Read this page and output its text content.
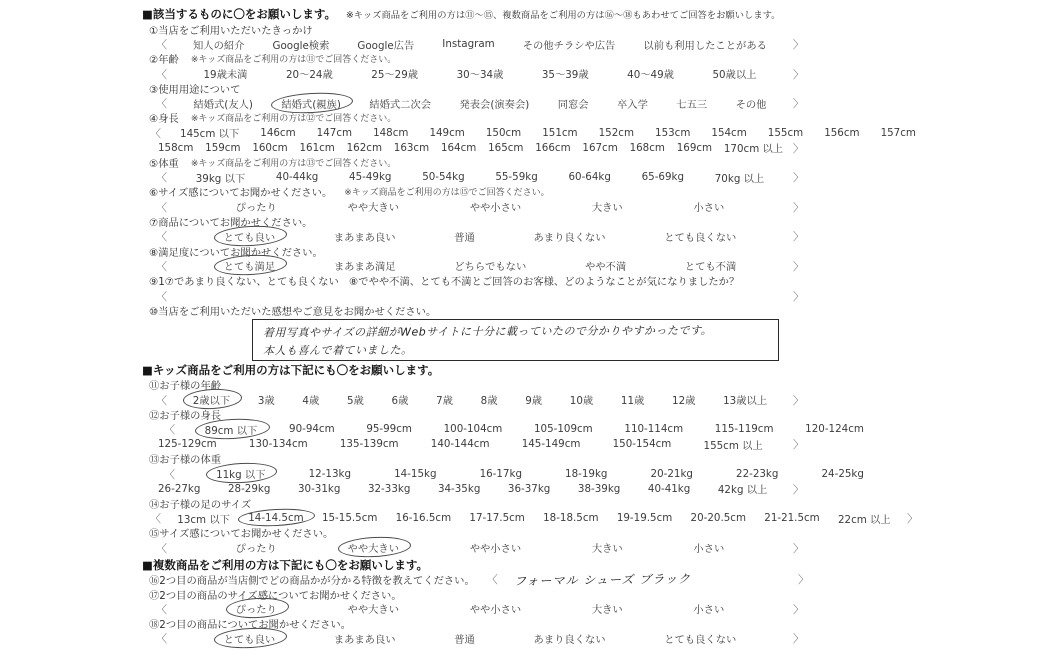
■該当するものに〇をお願いします。 ※キッズ商品をご利用の方は⑪〜⑮、複数商品をご利用の方は⑯〜⑱もあわせてご回答をお願いします。
①当店をご利用いただいたきっかけ
〈	知人の紹介	Google検索	Google広告	Instagram	その他チラシや広告	以前も利用したことがある 〉
②年齢 ※キッズ商品をご利用の方は⑪でご回答ください。
〈	19歳未満	20〜24歳	25〜29歳	30〜34歳	35〜39歳	40〜49歳	50歳以上	〉
③使用用途について
〈	結婚式(友人)	結婚式(親族)	結婚式二次会	発表会(演奏会)	同窓会	卒入学	七五三	その他 〉
④身長 ※キッズ商品をご利用の方は⑫でご回答ください。
〈 145cm 以下 146cm 147cm 148cm 149cm 150cm 151cm 152cm 153cm 154cm 155cm 156cm 157cm
158cm 159cm 160cm 161cm 162cm 163cm 164cm 165cm 166cm 167cm 168cm 169cm 170cm 以上 〉
⑤体重 ※キッズ商品をご利用の方は⑬でご回答ください。
〈	39kg 以下	40-44kg	45-49kg	50-54kg	55-59kg	60-64kg	65-69kg	70kg 以上	〉
⑥サイズ感についてお聞かせください。 ※キッズ商品をご利用の方は⑮でご回答ください。
〈	ぴったり	やや大きい	やや小さい	大きい	小さい	〉
⑦商品についてお聞かせください。
〈	とても良い	まあまあ良い	普通	あまり良くない	とても良くない	〉
⑧満足度についてお聞かせください。
〈	とても満足	まあまあ満足	どちらでもない	やや不満	とても不満	〉
⑨1⑦であまり良くない、とても良くない　⑧でやや不満、とても不満とご回答のお客様、どのようなことが気になりましたか？
〈	〉
⑩当店をご利用いただいた感想やご意見をお聞かせください。
着用写真やサイズの詳細がWebサイトに十分に載っていたので分かりやすかったです。
本人も喜んで着ていました。
■キッズ商品をご利用の方は下記にも〇をお願いします。
⑪お子様の年齢
〈 2歳以下	3歳	4歳	5歳	6歳	7歳	8歳	9歳	10歳	11歳	12歳	13歳以上 〉
⑫お子様の身長
〈	89cm 以下	90-94cm	95-99cm	100-104cm	105-109cm	110-114cm	115-119cm	120-124cm
125-129cm	130-134cm	135-139cm	140-144cm	145-149cm	150-154cm	155cm 以上	〉
⑬お子様の体重
〈	11kg 以下	12-13kg	14-15kg	16-17kg	18-19kg	20-21kg	22-23kg	24-25kg
26-27kg	28-29kg	30-31kg	32-33kg	34-35kg	36-37kg	38-39kg	40-41kg	42kg 以上 〉
⑭お子様の足のサイズ
〈 13cm 以下 14-14.5cm 15-15.5cm 16-16.5cm 17-17.5cm 18-18.5cm 19-19.5cm 20-20.5cm 21-21.5cm 22cm 以上 〉
⑮サイズ感についてお聞かせください。
〈	ぴったり	やや大きい	やや小さい	大きい	小さい	〉
■複数商品をご利用の方は下記にも〇をお願いします。
⑯2つ目の商品が当店側でどの商品かが分かる特徴を教えてください。 〈 フォーマル シューズ ブラック	〉
⑰2つ目の商品のサイズ感についてお聞かせください。
〈	ぴったり	やや大きい	やや小さい	大きい	小さい	〉
⑱2つ目の商品についてお聞かせください。
〈	とても良い	まあまあ良い	普通	あまり良くない	とても良くない	〉
